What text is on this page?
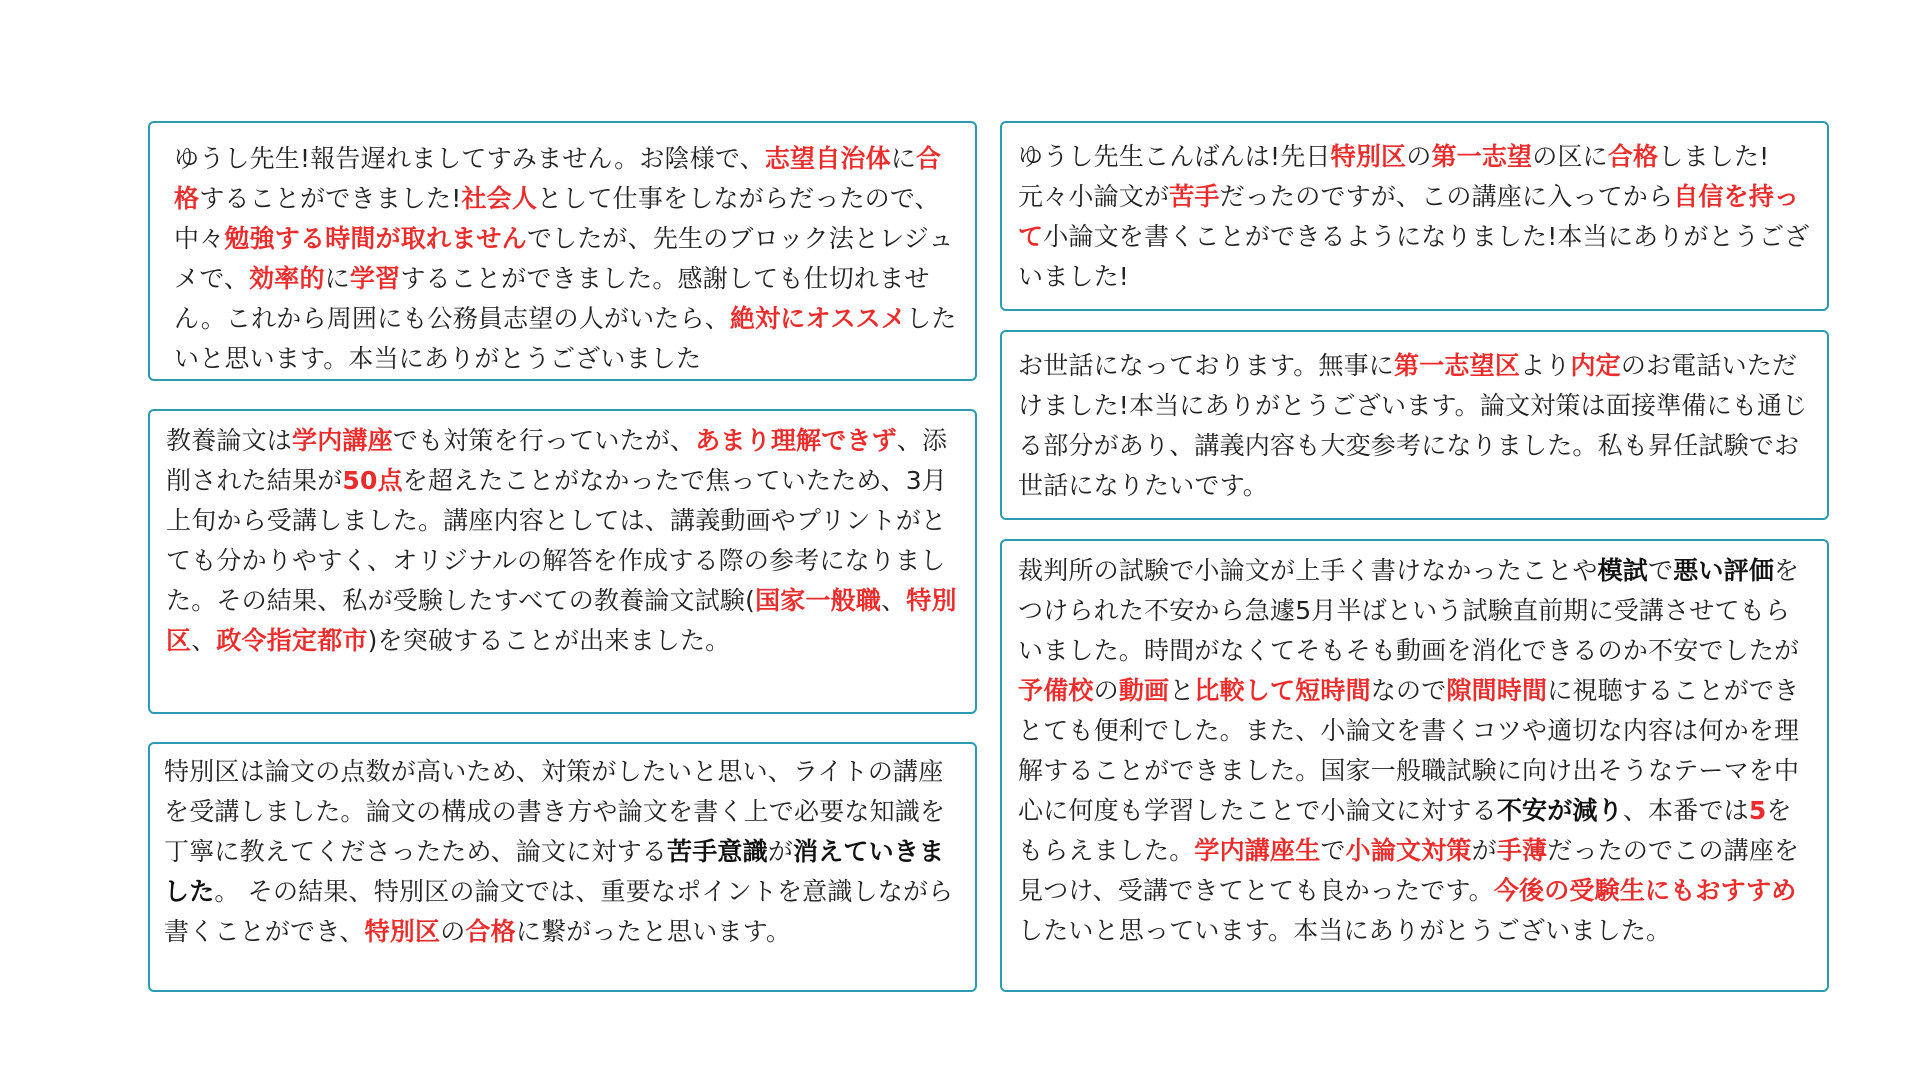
ゆうし先生!報告遅れましてすみません。お陰様で、志望自治体に合格することができました!社会人として仕事をしながらだったので、中々勉強する時間が取れませんでしたが、先生のブロック法とレジュメで、効率的に学習することができました。感謝しても仕切れません。これから周囲にも公務員志望の人がいたら、絶対にオススメしたいと思います。本当にありがとうございました
教養論文は学内講座でも対策を行っていたが、あまり理解できず、添削された結果が50点を超えたことがなかったで焦っていたため、3月上旬から受講しました。講座内容としては、講義動画やプリントがとても分かりやすく、オリジナルの解答を作成する際の参考になりました。その結果、私が受験したすべての教養論文試験(国家一般職、特別区、政令指定都市)を突破することが出来ました。
特別区は論文の点数が高いため、対策がしたいと思い、ライトの講座を受講しました。論文の構成の書き方や論文を書く上で必要な知識を丁寧に教えてくださったため、論文に対する苦手意識が消えていきました。 その結果、特別区の論文では、重要なポイントを意識しながら書くことができ、特別区の合格に繋がったと思います。
ゆうし先生こんばんは!先日特別区の第一志望の区に合格しました!元々小論文が苦手だったのですが、この講座に入ってから自信を持って小論文を書くことができるようになりました!本当にありがとうございました!
お世話になっております。無事に第一志望区より内定のお電話いただけました!本当にありがとうございます。論文対策は面接準備にも通じる部分があり、講義内容も大変参考になりました。私も昇任試験でお世話になりたいです。
裁判所の試験で小論文が上手く書けなかったことや模試で悪い評価をつけられた不安から急遽5月半ばという試験直前期に受講させてもらいました。時間がなくてそもそも動画を消化できるのか不安でしたが予備校の動画と比較して短時間なので隙間時間に視聴することができとても便利でした。また、小論文を書くコツや適切な内容は何かを理解することができました。国家一般職試験に向け出そうなテーマを中心に何度も学習したことで小論文に対する不安が減り、本番では5をもらえました。学内講座生で小論文対策が手薄だったのでこの講座を見つけ、受講できてとても良かったです。今後の受験生にもおすすめしたいと思っています。本当にありがとうございました。
